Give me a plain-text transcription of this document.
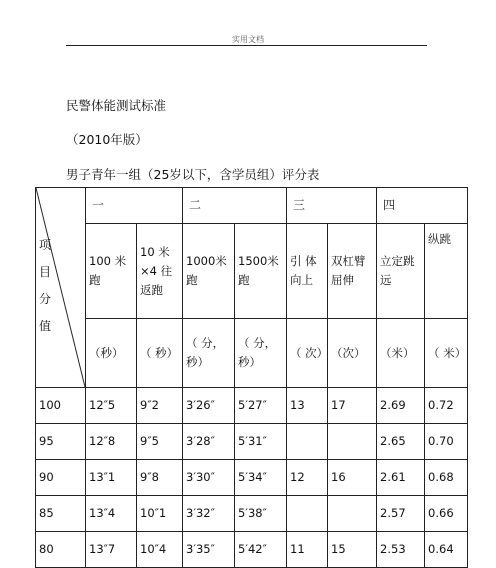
实用文档
民警体能测试标准
（2010年版）
男子青年一组（25岁以下，含学员组）评分表
项
目
分
值	一		二		三		四	
	100 米跑	10 米×4 往返跑	1000米跑	1500米跑	引 体向上	双杠臂屈伸	立定跳远	纵跳
	（秒）	（ 秒）	（ 分，秒）	（ 分，秒）	（ 次）	（次）	（米）	（ 米）
100	12″5	9″2	3′26″	5′27″	13	17	2.69	0.72
95	12″8	9″5	3′28″	5′31″			2.65	0.70
90	13″1	9″8	3′30″	5′34″	12	16	2.61	0.68
85	13″4	10″1	3′32″	5′38″			2.57	0.66
80	13″7	10″4	3′35″	5′42″	11	15	2.53	0.64
